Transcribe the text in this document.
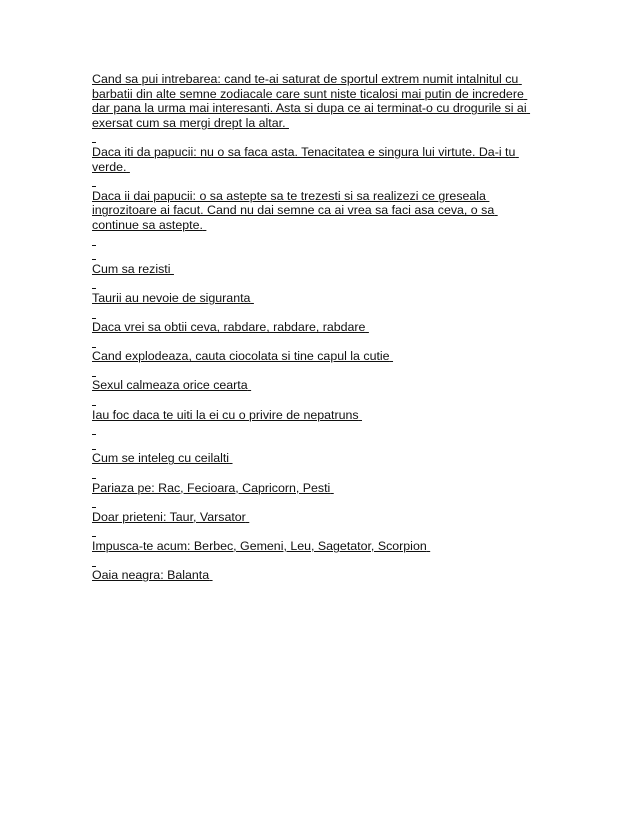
Cand sa pui intrebarea: cand te-ai saturat de sportul extrem numit intalnitul cu
barbatii din alte semne zodiacale care sunt niste ticalosi mai putin de incredere
dar pana la urma mai interesanti. Asta si dupa ce ai terminat-o cu drogurile si ai
exersat cum sa mergi drept la altar.
Daca iti da papucii: nu o sa faca asta. Tenacitatea e singura lui virtute. Da-i tu
verde.
Daca ii dai papucii: o sa astepte sa te trezesti si sa realizezi ce greseala
ingrozitoare ai facut. Cand nu dai semne ca ai vrea sa faci asa ceva, o sa
continue sa astepte.
Cum sa rezisti
Taurii au nevoie de siguranta
Daca vrei sa obtii ceva, rabdare, rabdare, rabdare
Cand explodeaza, cauta ciocolata si tine capul la cutie
Sexul calmeaza orice cearta
Iau foc daca te uiti la ei cu o privire de nepatruns
Cum se inteleg cu ceilalti
Pariaza pe: Rac, Fecioara, Capricorn, Pesti
Doar prieteni: Taur, Varsator
Impusca-te acum: Berbec, Gemeni, Leu, Sagetator, Scorpion
Oaia neagra: Balanta
